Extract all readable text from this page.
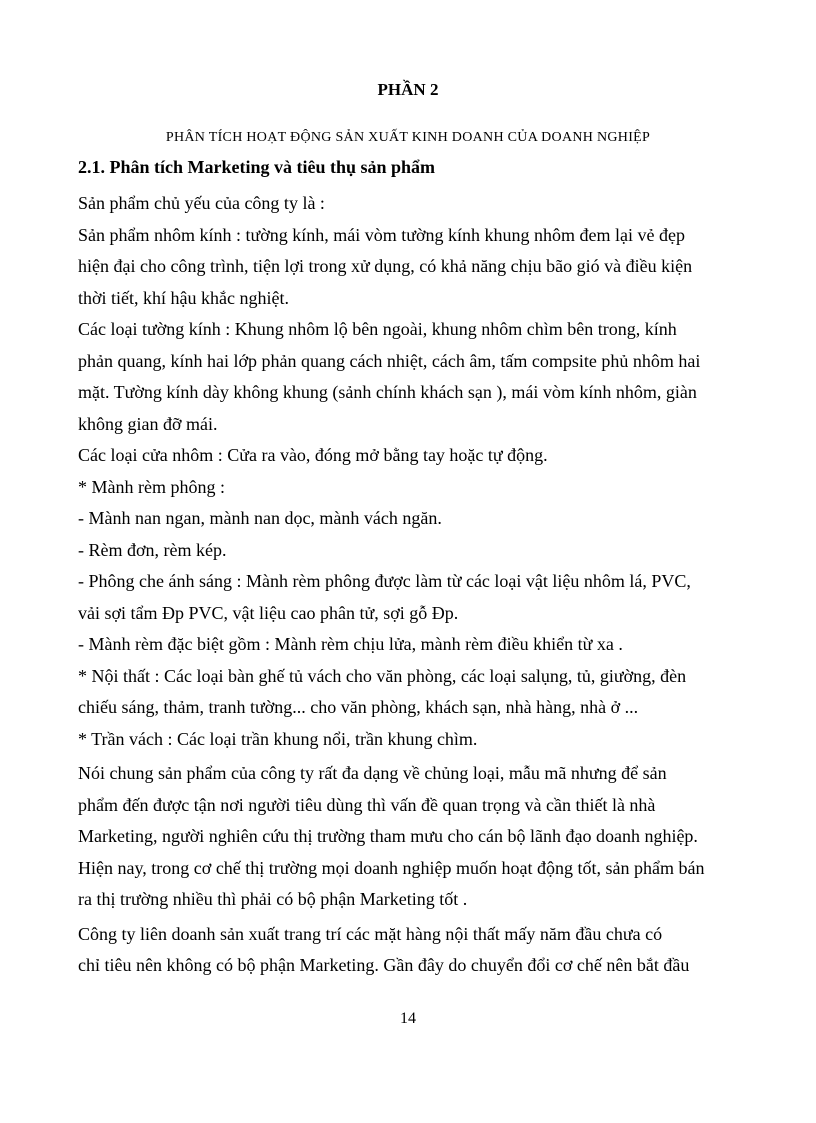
PHẦN 2
PHÂN TÍCH HOẠT ĐỘNG SẢN XUẤT KINH DOANH CỦA DOANH NGHIỆP
2.1. Phân tích Marketing và tiêu thụ sản phẩm
Sản phẩm chủ yếu của công ty là :
Sản phẩm nhôm kính : tường kính, mái vòm tường kính khung nhôm đem lại vẻ đẹp
hiện đại cho công trình, tiện lợi trong xử dụng, có khả năng chịu bão gió và điều kiện
thời tiết, khí hậu khắc nghiệt.
Các loại tường kính : Khung nhôm lộ bên ngoài, khung nhôm chìm bên trong, kính
phản quang, kính hai lớp phản quang cách nhiệt, cách âm, tấm compsite phủ nhôm hai
mặt. Tường kính dày không khung (sảnh chính khách sạn ), mái vòm kính nhôm, giàn
không gian đỡ mái.
Các loại cửa nhôm : Cửa ra vào, đóng mở bằng tay hoặc tự động.
* Mành rèm phông :
- Mành nan ngan, mành nan dọc, mành vách ngăn.
- Rèm đơn, rèm kép.
- Phông che ánh sáng : Mành rèm phông được làm từ các loại vật liệu nhôm lá, PVC,
vải sợi tẩm Đp PVC, vật liệu cao phân tử, sợi gỗ Đp.
- Mành rèm đặc biệt gồm : Mành rèm chịu lửa, mành rèm điều khiển từ xa .
* Nội thất : Các loại bàn ghế tủ vách cho văn phòng, các loại salụng, tủ, giường, đèn
chiếu sáng, thảm, tranh tường... cho văn phòng, khách sạn, nhà hàng, nhà ở ...
* Trần vách : Các loại trần khung nổi, trần khung chìm.
Nói chung sản phẩm của công ty rất đa dạng về chủng loại, mẫu mã nhưng để sản
phẩm đến được tận nơi người tiêu dùng thì vấn đề quan trọng và cần thiết là nhà
Marketing, người nghiên cứu thị trường tham mưu cho cán bộ lãnh đạo doanh nghiệp.
Hiện nay, trong cơ chế thị trường mọi doanh nghiệp muốn hoạt động tốt, sản phẩm bán
ra thị trường nhiều thì phải có bộ phận Marketing tốt .
Công ty liên doanh sản xuất trang trí các mặt hàng nội thất mấy năm đầu chưa có
chỉ tiêu nên không có bộ phận Marketing. Gần đây do chuyển đổi cơ chế nên bắt đầu
14
